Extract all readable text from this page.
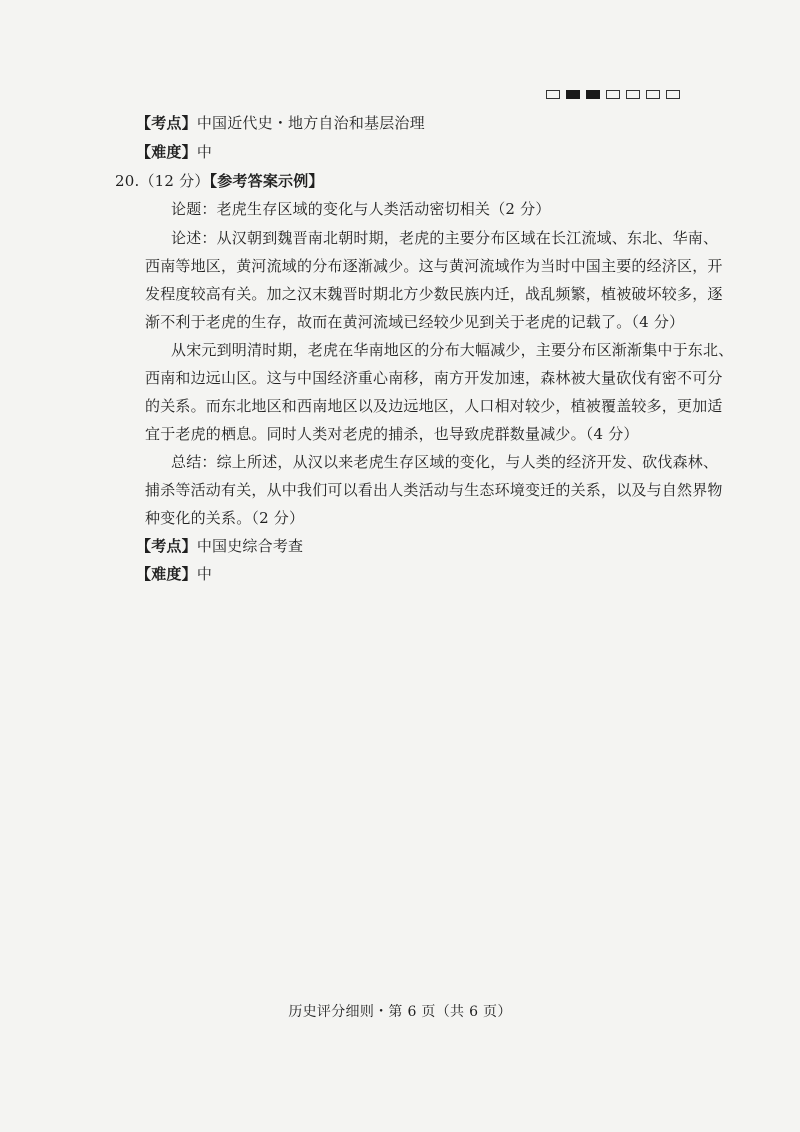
【考点】中国近代史・地方自治和基层治理
【难度】中
20.（12 分）【参考答案示例】
论题：老虎生存区域的变化与人类活动密切相关（2 分）
论述：从汉朝到魏晋南北朝时期，老虎的主要分布区域在长江流域、东北、华南、
西南等地区，黄河流域的分布逐渐减少。这与黄河流域作为当时中国主要的经济区，开
发程度较高有关。加之汉末魏晋时期北方少数民族内迁，战乱频繁，植被破坏较多，逐
渐不利于老虎的生存，故而在黄河流域已经较少见到关于老虎的记载了。（4 分）
从宋元到明清时期，老虎在华南地区的分布大幅减少，主要分布区渐渐集中于东北、
西南和边远山区。这与中国经济重心南移，南方开发加速，森林被大量砍伐有密不可分
的关系。而东北地区和西南地区以及边远地区，人口相对较少，植被覆盖较多，更加适
宜于老虎的栖息。同时人类对老虎的捕杀，也导致虎群数量减少。（4 分）
总结：综上所述，从汉以来老虎生存区域的变化，与人类的经济开发、砍伐森林、
捕杀等活动有关，从中我们可以看出人类活动与生态环境变迁的关系，以及与自然界物
种变化的关系。（2 分）
【考点】中国史综合考查
【难度】中
历史评分细则・第 6 页（共 6 页）
